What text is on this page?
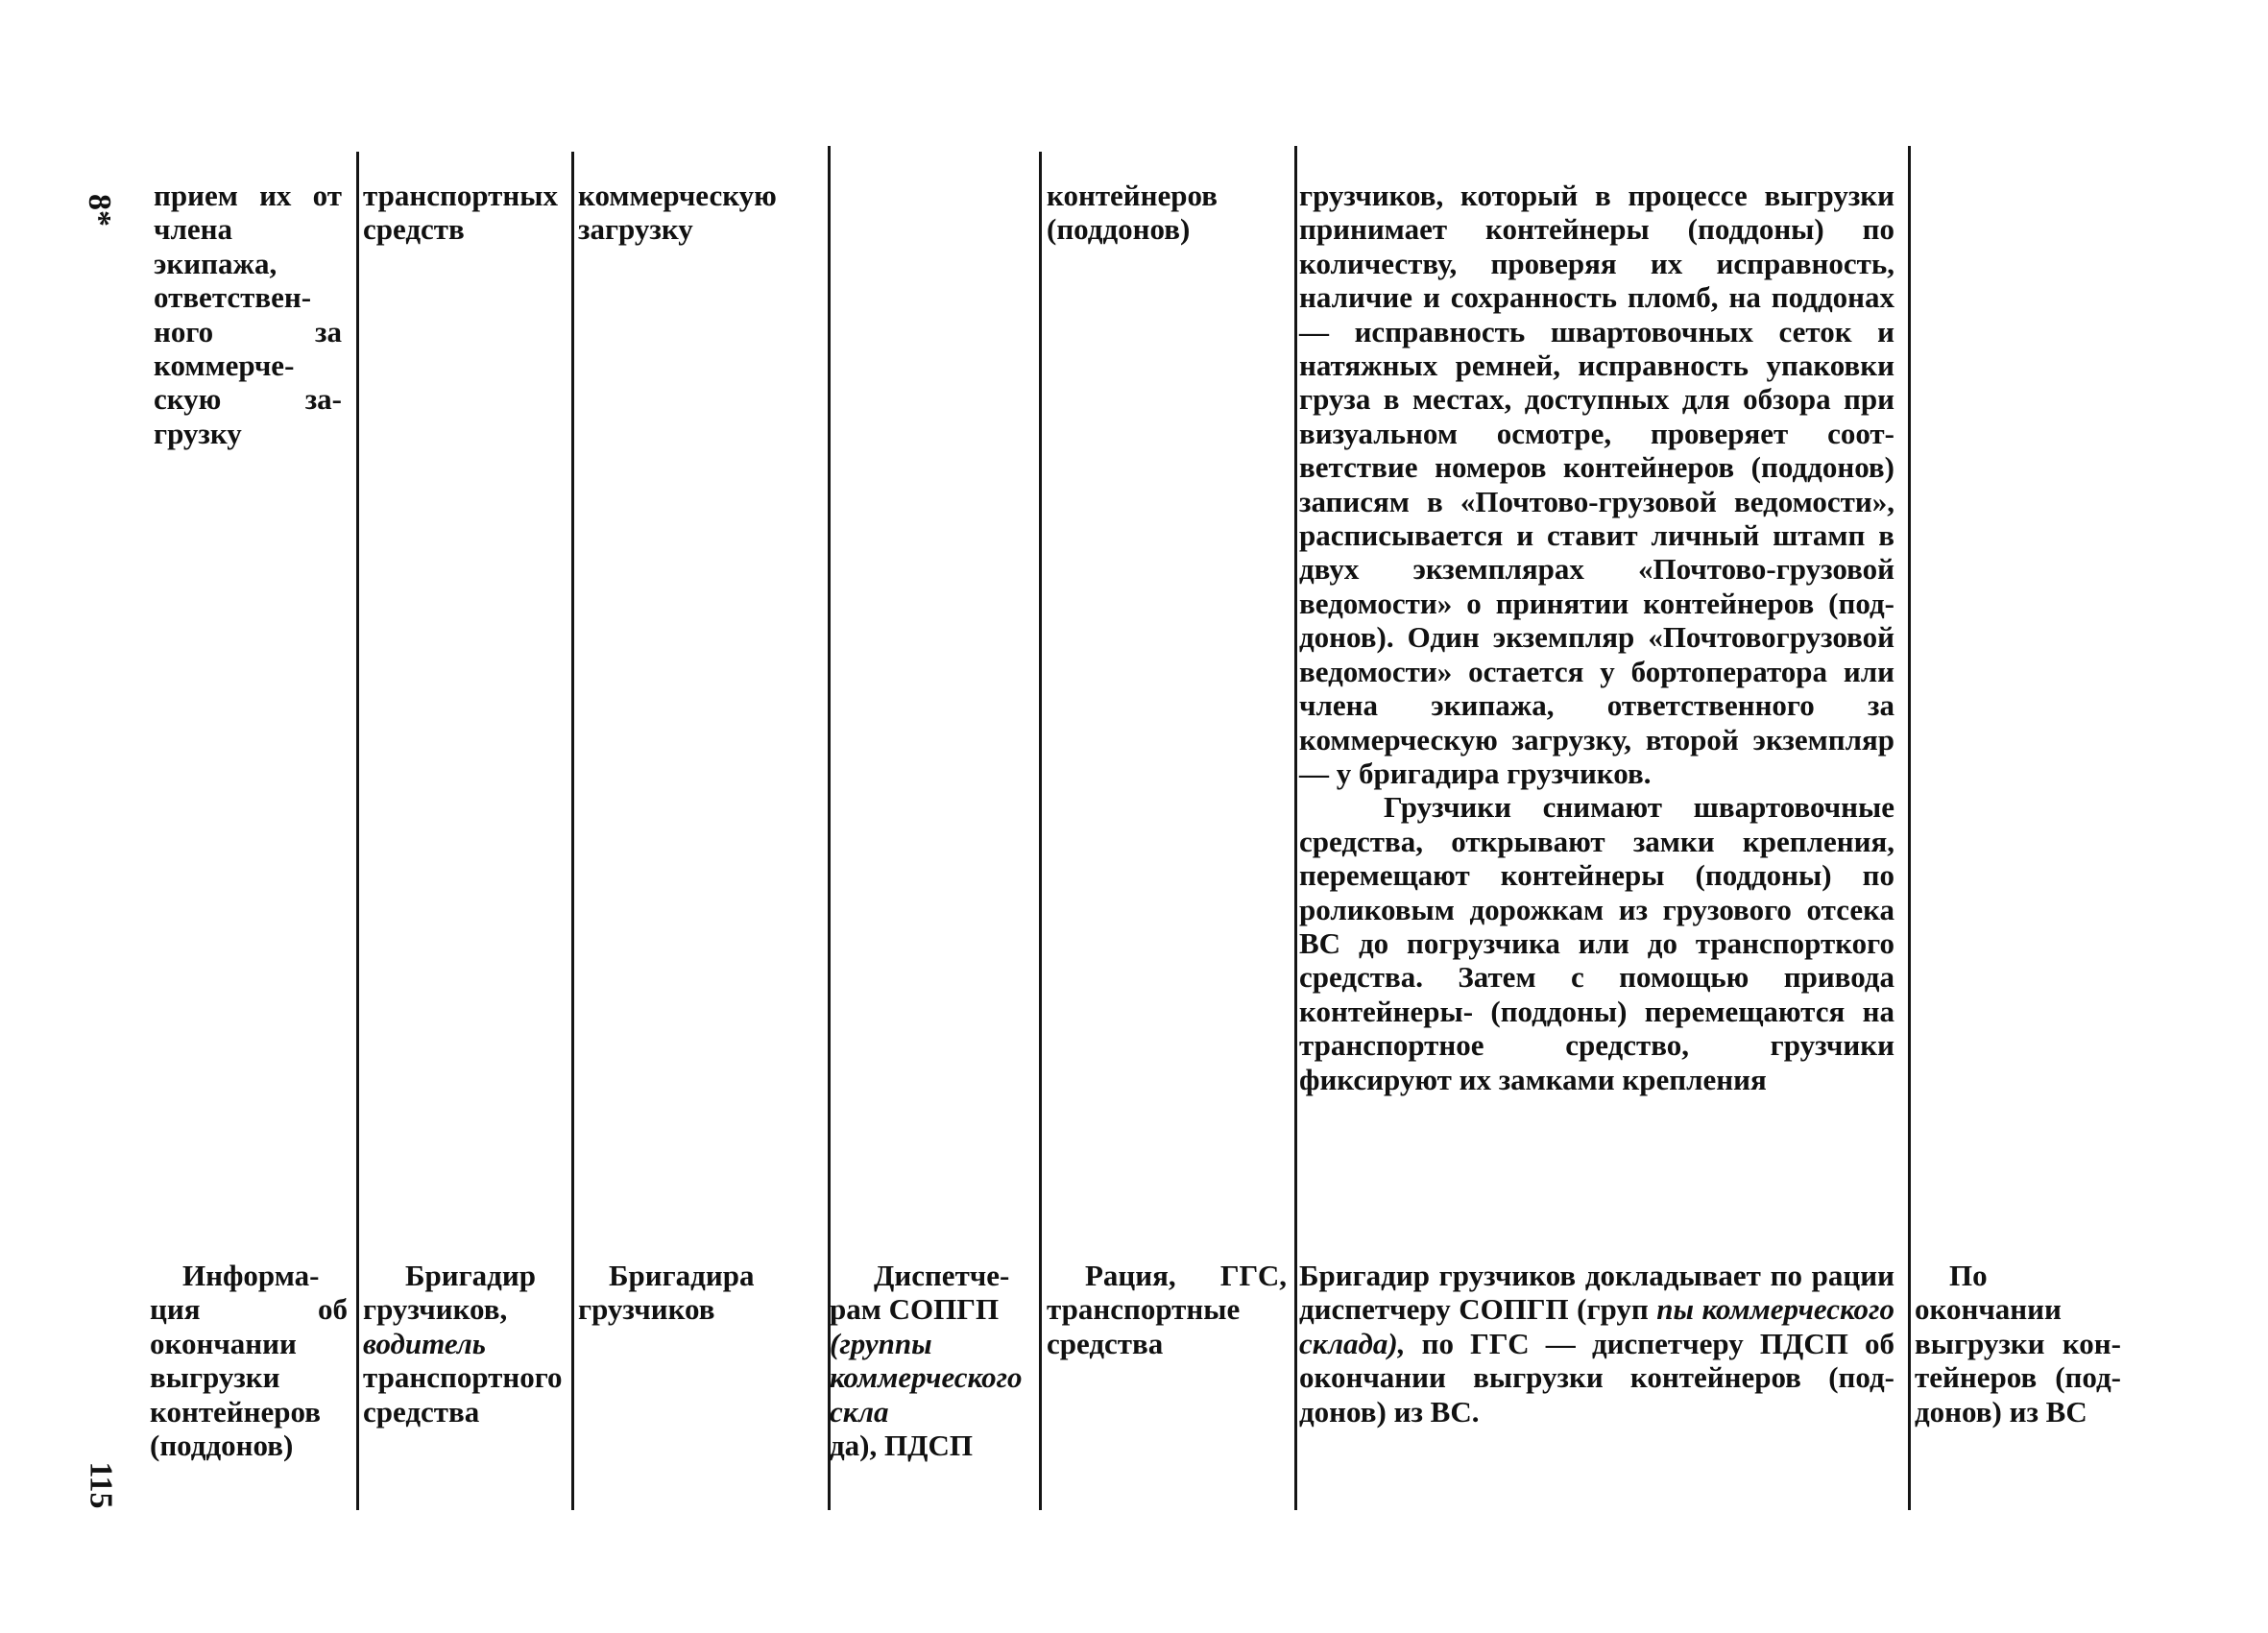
8*
115
прием их от члена экипажа, ответственного за коммерческую загрузку
транспортных средств
коммерческую загрузку
контейнеров (поддонов)

грузчиков, который в процессе выгрузки принимает контейнеры (поддоны) по количеству, проверяя их исправность, наличие и сохранность пломб, на поддонах — исправность швартовочных сеток и натяжных ремней, исправность упаковки груза в местах, доступных для обзора при визуальном осмотре, проверяет соответствие номеров контейнеров (поддонов) записям в «Почтово-грузовой ведомости», расписывается и ставит личный штамп в двух экземплярах «Почтово-грузовой ведомости» о принятии контейнеров (поддонов). Один экземпляр «Почтовогрузовой ведомости» остается у бортоператора или члена экипажа, ответственного за коммерческую загрузку, второй экземпляр — у бригадира грузчиков.

Грузчики снимают швартовочные средства, открывают замки крепления, перемещают контейнеры (поддоны) по роликовым дорожкам из грузового отсека ВС до погрузчика или до транспорткого средства. Затем с помощью привода контейнеры- (поддоны) перемещаются на транспортное средство, грузчики фиксируют их замками крепления

Информация об окончании выгрузки контейнеров (поддонов)

Бригадир грузчиков,

водитель

транспортного средства

Бригадира грузчиков

Диспетчерам СОПГП

(группы коммерческого скла

да), ПДСП

Рация, ГГС, транспортные средства
Бригадир грузчиков докладывает по рации диспетчеру СОПГП (груп пы коммерческого склада), по ГГС — диспетчеру ПДСП об окончании выгрузки контейнеров (поддонов) из ВС.
По окончании выгрузки контейнеров (поддонов) из ВС
